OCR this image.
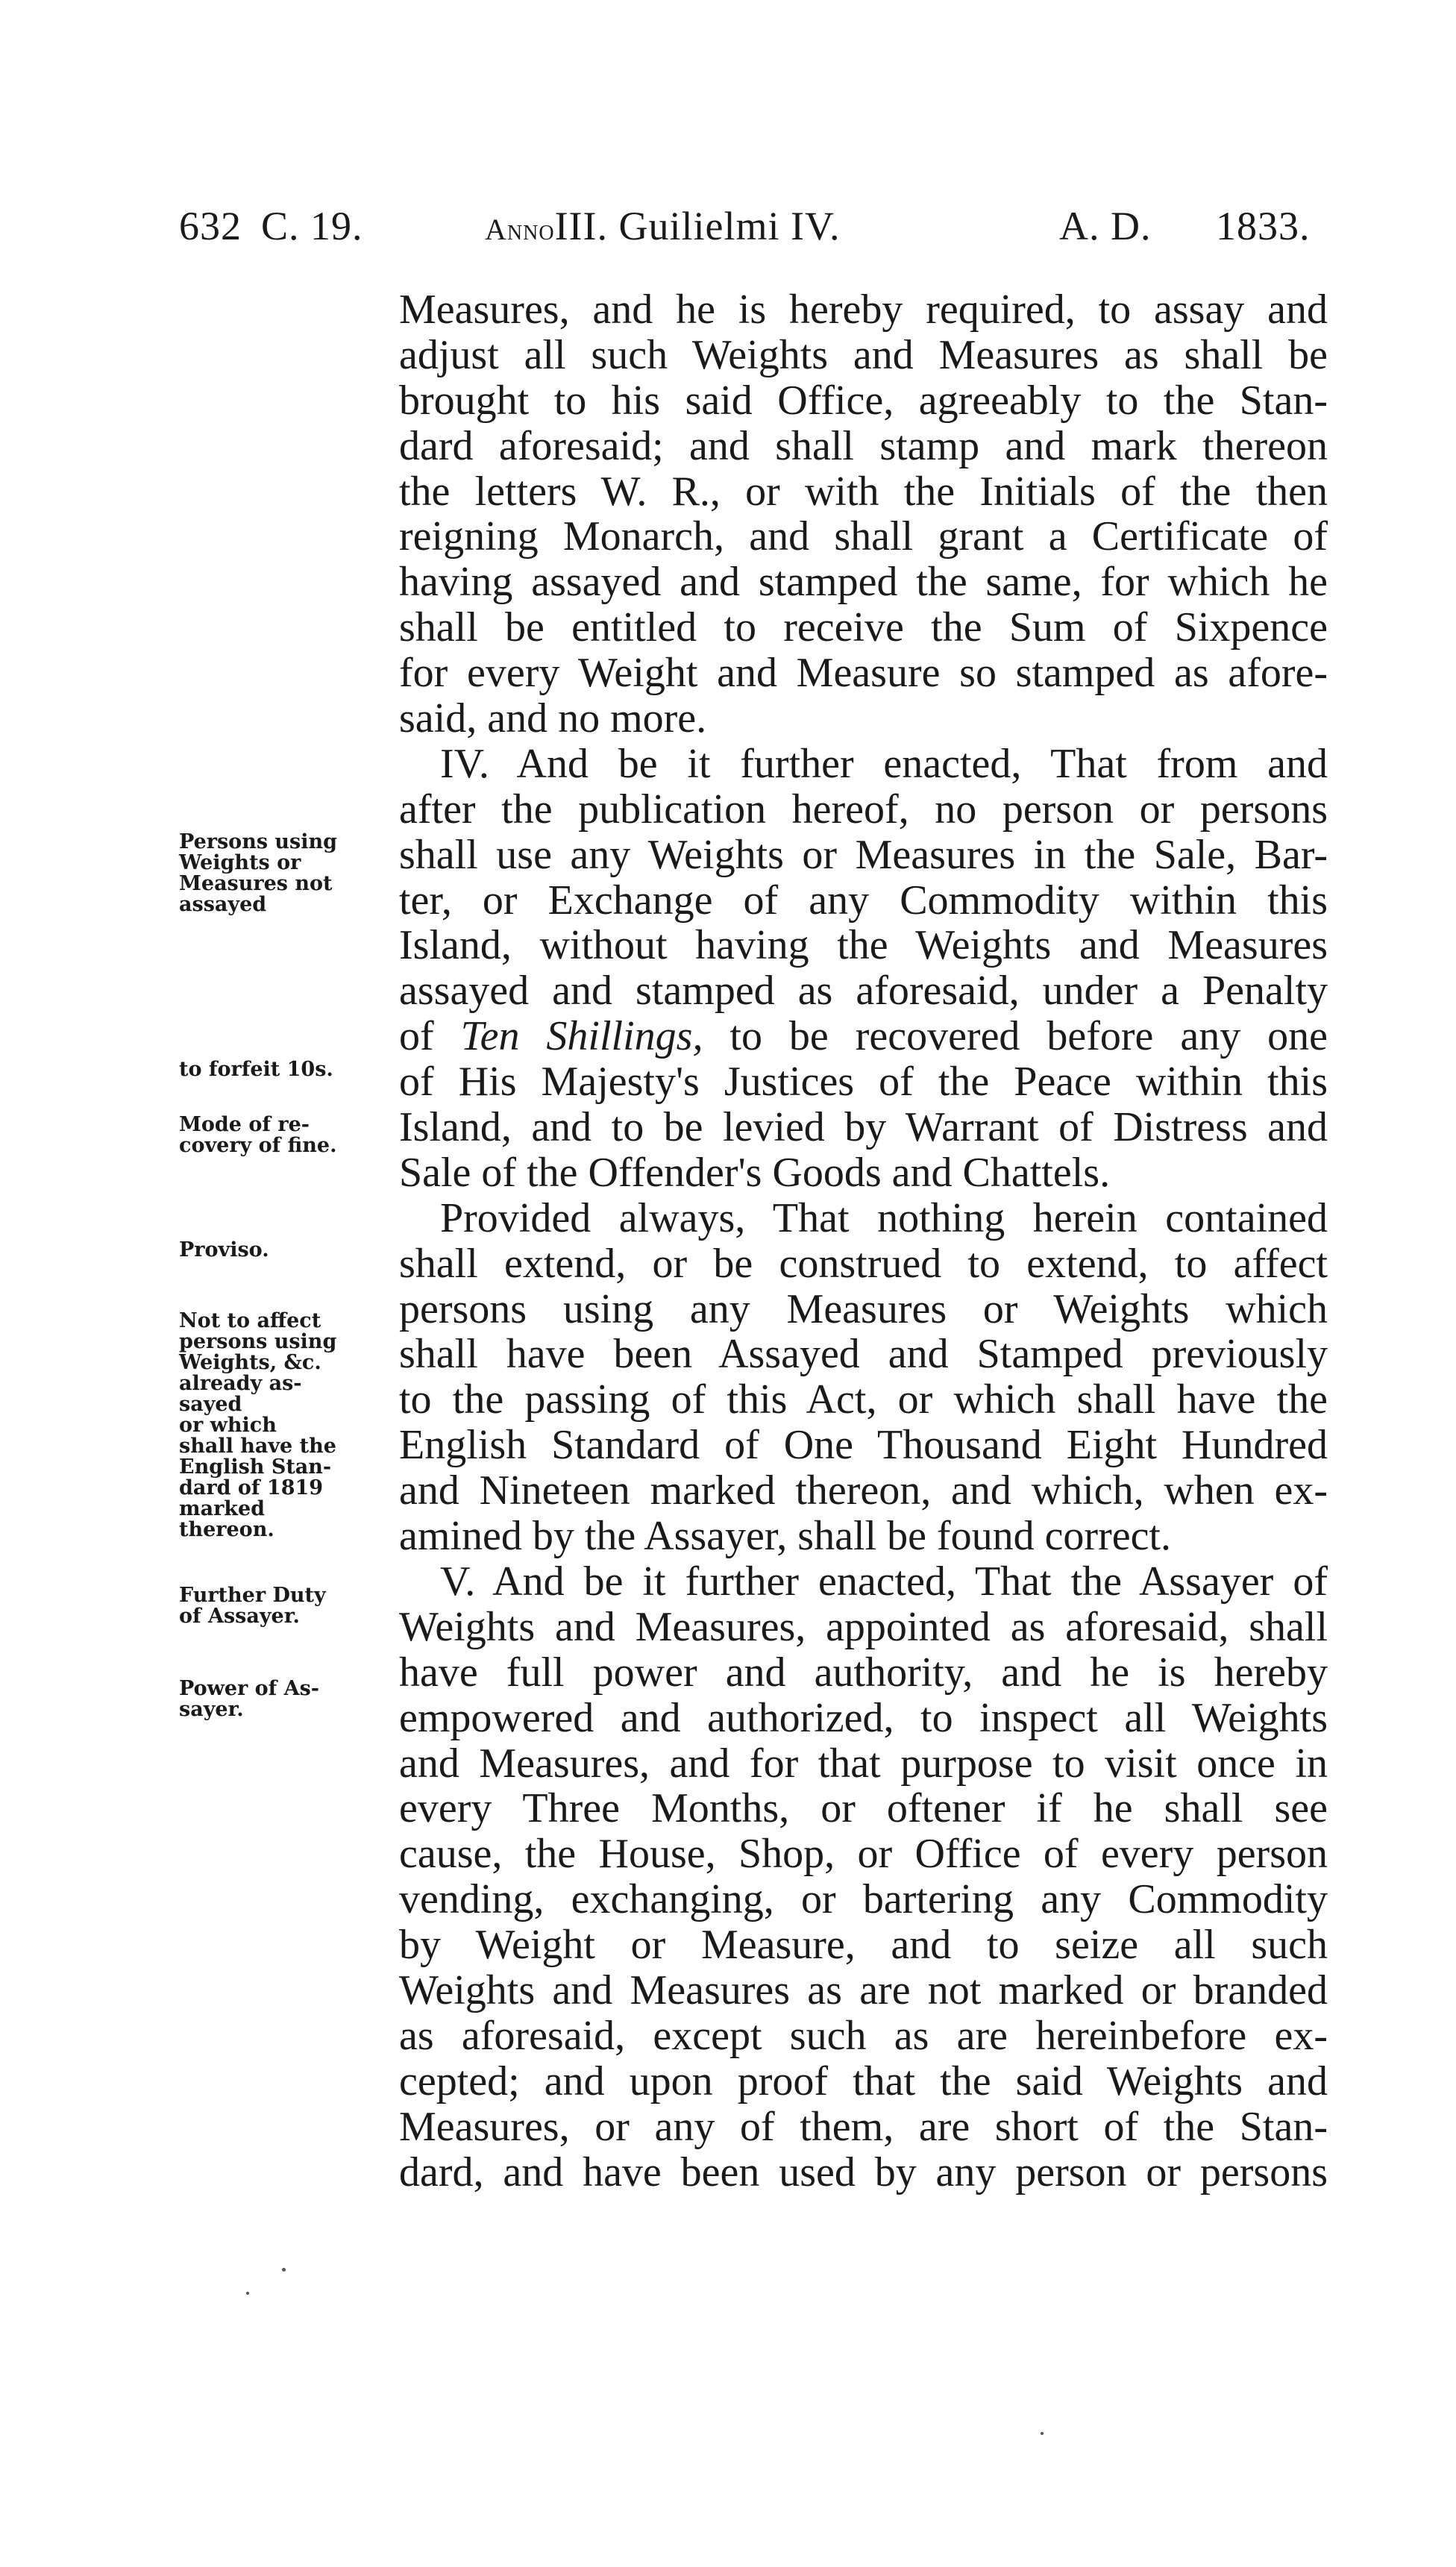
632 C. 19.	AnnoIII. Guilielmi IV.	A. D. 1833.
Measures, and he is hereby required, to assay and
adjust all such Weights and Measures as shall be
brought to his said Office, agreeably to the Stan-
dard aforesaid; and shall stamp and mark thereon
the letters W. R., or with the Initials of the then
reigning Monarch, and shall grant a Certificate of
having assayed and stamped the same, for which he
shall be entitled to receive the Sum of Sixpence
for every Weight and Measure so stamped as afore-
said, and no more.
IV. And be it further enacted, That from and
after the publication hereof, no person or persons
shall use any Weights or Measures in the Sale, Bar-
ter, or Exchange of any Commodity within this
Island, without having the Weights and Measures
assayed and stamped as aforesaid, under a Penalty
of Ten Shillings, to be recovered before any one
of His Majesty's Justices of the Peace within this
Island, and to be levied by Warrant of Distress and
Sale of the Offender's Goods and Chattels.
Provided always, That nothing herein contained
shall extend, or be construed to extend, to affect
persons using any Measures or Weights which
shall have been Assayed and Stamped previously
to the passing of this Act, or which shall have the
English Standard of One Thousand Eight Hundred
and Nineteen marked thereon, and which, when ex-
amined by the Assayer, shall be found correct.
V. And be it further enacted, That the Assayer of
Weights and Measures, appointed as aforesaid, shall
have full power and authority, and he is hereby
empowered and authorized, to inspect all Weights
and Measures, and for that purpose to visit once in
every Three Months, or oftener if he shall see
cause, the House, Shop, or Office of every person
vending, exchanging, or bartering any Commodity
by Weight or Measure, and to seize all such
Weights and Measures as are not marked or branded
as aforesaid, except such as are hereinbefore ex-
cepted; and upon proof that the said Weights and
Measures, or any of them, are short of the Stan-
dard, and have been used by any person or persons
Persons using
Weights or
Measures not
assayed
to forfeit 10s.
Mode of re-
covery of fine.
Proviso.
Not to affect
persons using
Weights, &c.
already as-
sayed
or which
shall have the
English Stan-
dard of 1819
marked
thereon.
Further Duty
of Assayer.
Power of As-
sayer.
